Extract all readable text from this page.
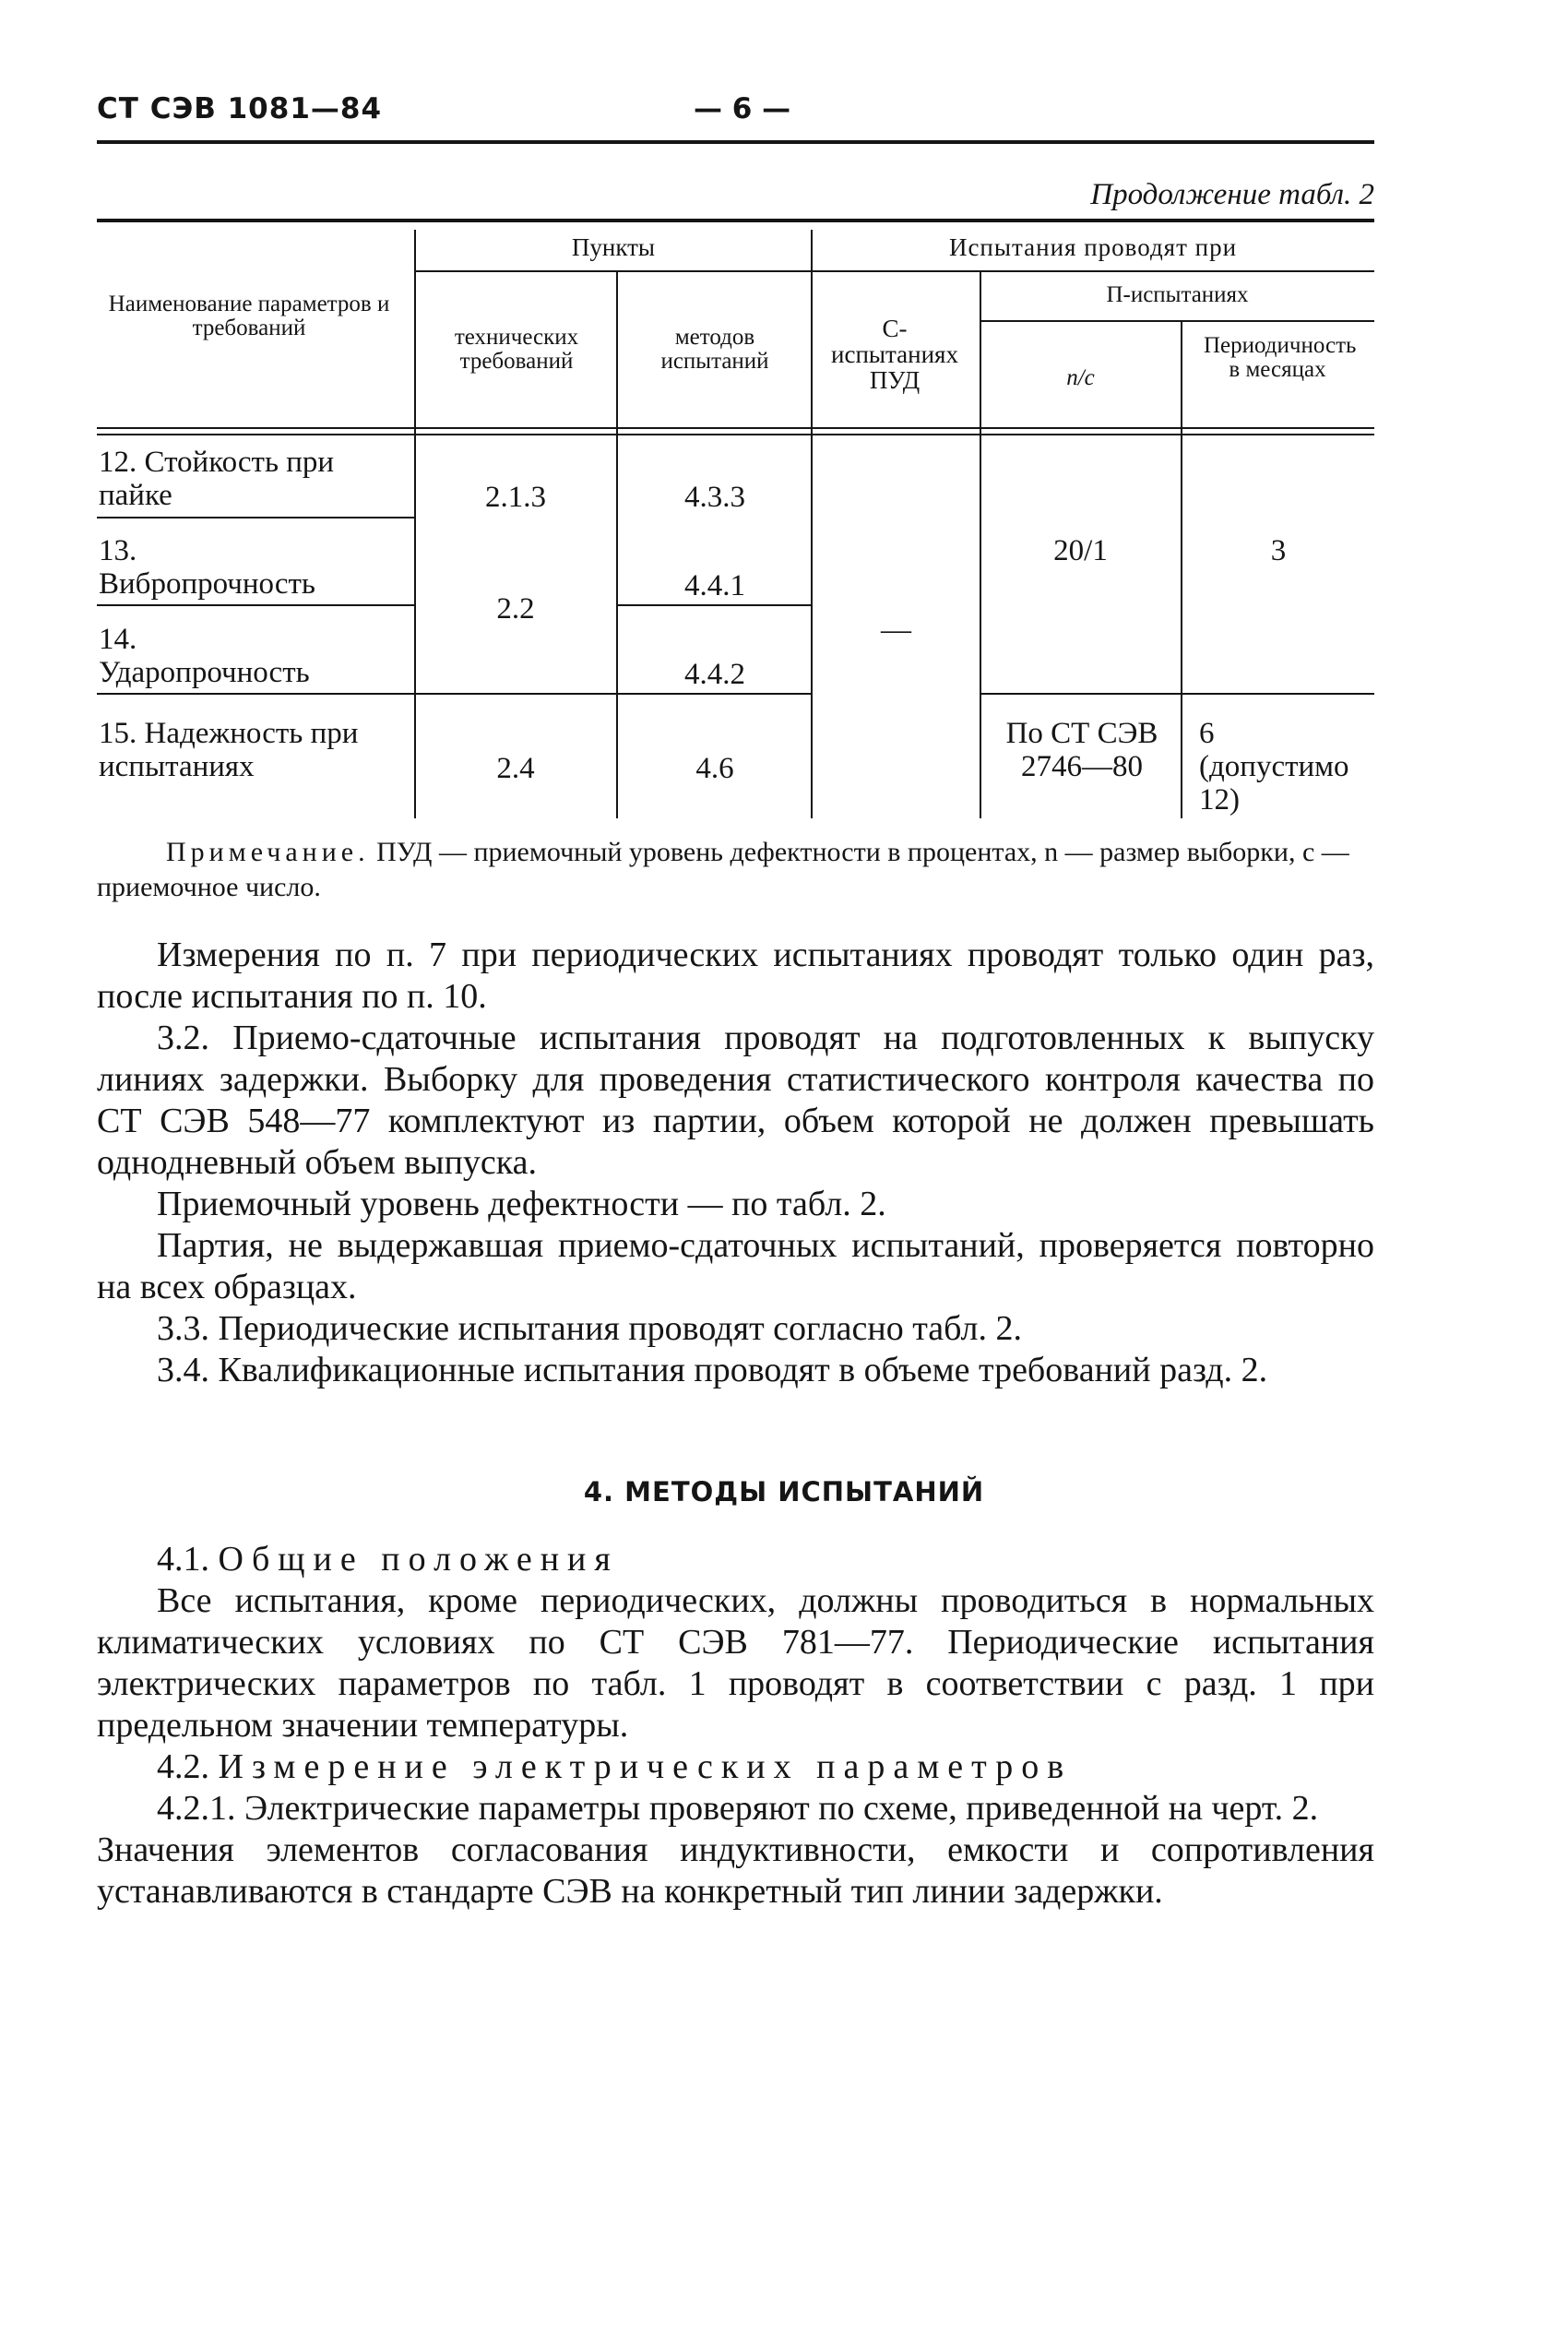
СТ СЭВ 1081—84	— 6 —
Продолжение табл. 2
Наименование параметров и требований
Пункты
технических требований
методов испытаний
Испытания проводят при
С-испытаниях ПУД
П-испытаниях
n/c
Периодичность в месяцах
12. Стойкость при пайке
13. Вибропрочность
14. Ударопрочность
15. Надежность при испытаниях
2.1.3
2.2
2.4
4.3.3
4.4.1
4.4.2
4.6
—
20/1	3
По СТ СЭВ 2746—80
6 (допустимо 12)
Примечание. ПУД — приемочный уровень дефектности в процентах, n — размер выборки, c — приемочное число.

Измерения по п. 7 при периодических испытаниях проводят только один раз, после испытания по п. 10.

3.2. Приемо-сдаточные испытания проводят на подготовленных к выпуску линиях задержки. Выборку для проведения статистического контроля качества по СТ СЭВ 548—77 комплектуют из партии, объем которой не должен превышать однодневный объем выпуска.

Приемочный уровень дефектности — по табл. 2.

Партия, не выдержавшая приемо-сдаточных испытаний, проверяется повторно на всех образцах.

3.3. Периодические испытания проводят согласно табл. 2.

3.4. Квалификационные испытания проводят в объеме требований разд. 2.

4. МЕТОДЫ ИСПЫТАНИЙ

4.1. Общие положения

Все испытания, кроме периодических, должны проводиться в нормальных климатических условиях по СТ СЭВ 781—77. Периодические испытания электрических параметров по табл. 1 проводят в соответствии с разд. 1 при предельном значении температуры.

4.2. Измерение электрических параметров

4.2.1. Электрические параметры проверяют по схеме, приведенной на черт. 2.

Значения элементов согласования индуктивности, емкости и сопротивления устанавливаются в стандарте СЭВ на конкретный тип линии задержки.
